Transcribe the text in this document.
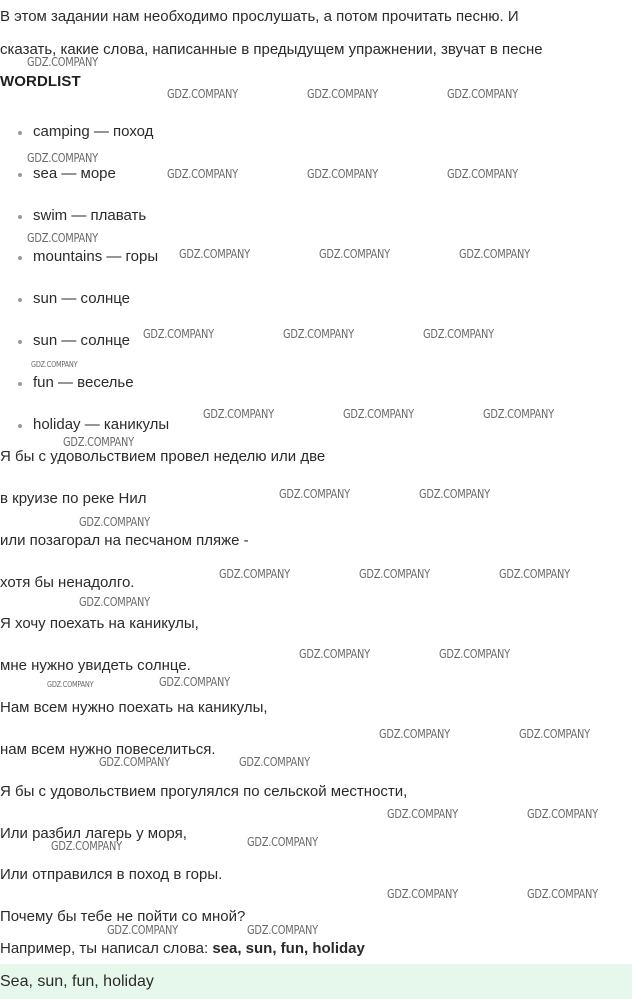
В этом задании нам необходимо прослушать, а потом прочитать песню. И

сказать, какие слова, написанные в предыдущем упражнении, звучат в песне

WORDLIST
camping — поход
sea — море
swim — плавать
mountains — горы
sun — солнце
sun — солнце
fun — веселье
holiday — каникулы

Я бы с удовольствием провел неделю или две

в круизе по реке Нил

или позагорал на песчаном пляже -

хотя бы ненадолго.

Я хочу поехать на каникулы,

мне нужно увидеть солнце.

Нам всем нужно поехать на каникулы,

нам всем нужно повеселиться.

Я бы с удовольствием прогулялся по сельской местности,

Или разбил лагерь у моря,

Или отправился в поход в горы.

Почему бы тебе не пойти со мной?

Например, ты написал слова: sea, sun, fun, holiday

Sea, sun, fun, holiday
GDZ.COMPANY
GDZ.COMPANY	GDZ.COMPANY	GDZ.COMPANY
GDZ.COMPANY
GDZ.COMPANY	GDZ.COMPANY	GDZ.COMPANY
GDZ.COMPANY
GDZ.COMPANY	GDZ.COMPANY	GDZ.COMPANY
GDZ.COMPANY	GDZ.COMPANY	GDZ.COMPANY
GDZ.COMPANY
GDZ.COMPANY	GDZ.COMPANY	GDZ.COMPANY
GDZ.COMPANY
GDZ.COMPANY	GDZ.COMPANY
GDZ.COMPANY
GDZ.COMPANY	GDZ.COMPANY	GDZ.COMPANY
GDZ.COMPANY
GDZ.COMPANY	GDZ.COMPANY
GDZ.COMPANY	GDZ.COMPANY
GDZ.COMPANY	GDZ.COMPANY
GDZ.COMPANY	GDZ.COMPANY
GDZ.COMPANY	GDZ.COMPANY
GDZ.COMPANY	GDZ.COMPANY
GDZ.COMPANY	GDZ.COMPANY
GDZ.COMPANY	GDZ.COMPANY
